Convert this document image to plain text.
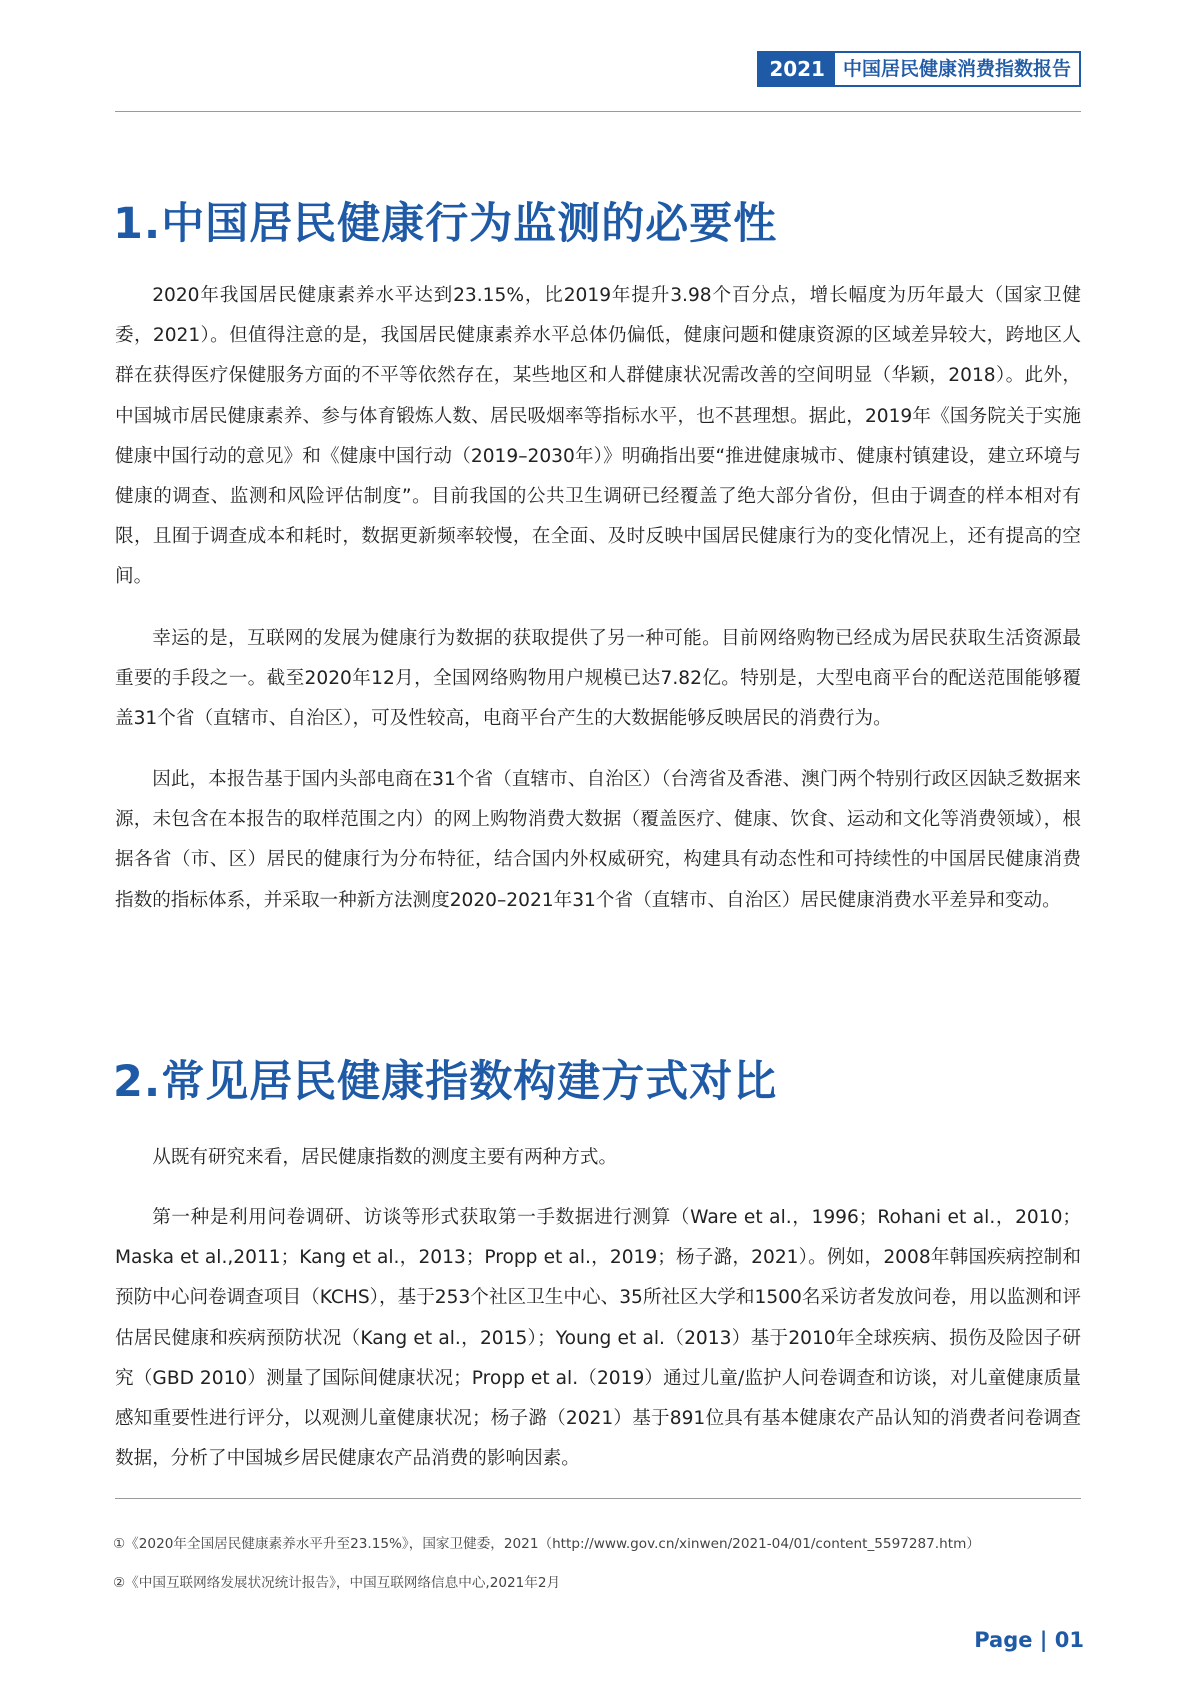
2021 中国居民健康消费指数报告
1.中国居民健康行为监测的必要性

2020年我国居民健康素养水平达到23.15%，比2019年提升3.98个百分点，增长幅度为历年最大（国家卫健委，2021）。但值得注意的是，我国居民健康素养水平总体仍偏低，健康问题和健康资源的区域差异较大，跨地区人群在获得医疗保健服务方面的不平等依然存在，某些地区和人群健康状况需改善的空间明显（华颖，2018）。此外，中国城市居民健康素养、参与体育锻炼人数、居民吸烟率等指标水平，也不甚理想。据此，2019年《国务院关于实施健康中国行动的意见》和《健康中国行动（2019–2030年）》明确指出要“推进健康城市、健康村镇建设，建立环境与健康的调查、监测和风险评估制度”。目前我国的公共卫生调研已经覆盖了绝大部分省份，但由于调查的样本相对有限，且囿于调查成本和耗时，数据更新频率较慢，在全面、及时反映中国居民健康行为的变化情况上，还有提高的空间。

幸运的是，互联网的发展为健康行为数据的获取提供了另一种可能。目前网络购物已经成为居民获取生活资源最重要的手段之一。截至2020年12月，全国网络购物用户规模已达7.82亿。特别是，大型电商平台的配送范围能够覆盖31个省（直辖市、自治区），可及性较高，电商平台产生的大数据能够反映居民的消费行为。

因此，本报告基于国内头部电商在31个省（直辖市、自治区）（台湾省及香港、澳门两个特别行政区因缺乏数据来源，未包含在本报告的取样范围之内）的网上购物消费大数据（覆盖医疗、健康、饮食、运动和文化等消费领域），根据各省（市、区）居民的健康行为分布特征，结合国内外权威研究，构建具有动态性和可持续性的中国居民健康消费指数的指标体系，并采取一种新方法测度2020–2021年31个省（直辖市、自治区）居民健康消费水平差异和变动。

2.常见居民健康指数构建方式对比

从既有研究来看，居民健康指数的测度主要有两种方式。

第一种是利用问卷调研、访谈等形式获取第一手数据进行测算（Ware et al.，1996；Rohani et al.，2010；Maska et al.,2011；Kang et al.，2013；Propp et al.，2019；杨子潞，2021）。例如，2008年韩国疾病控制和预防中心问卷调查项目（KCHS），基于253个社区卫生中心、35所社区大学和1500名采访者发放问卷，用以监测和评估居民健康和疾病预防状况（Kang et al.，2015）；Young et al.（2013）基于2010年全球疾病、损伤及险因子研究（GBD 2010）测量了国际间健康状况；Propp et al.（2019）通过儿童/监护人问卷调查和访谈，对儿童健康质量感知重要性进行评分，以观测儿童健康状况；杨子潞（2021）基于891位具有基本健康农产品认知的消费者问卷调查数据，分析了中国城乡居民健康农产品消费的影响因素。

①《2020年全国居民健康素养水平升至23.15%》，国家卫健委，2021（http://www.gov.cn/xinwen/2021-04/01/content_5597287.htm）

②《中国互联网络发展状况统计报告》，中国互联网络信息中心,2021年2月

Page | 01
